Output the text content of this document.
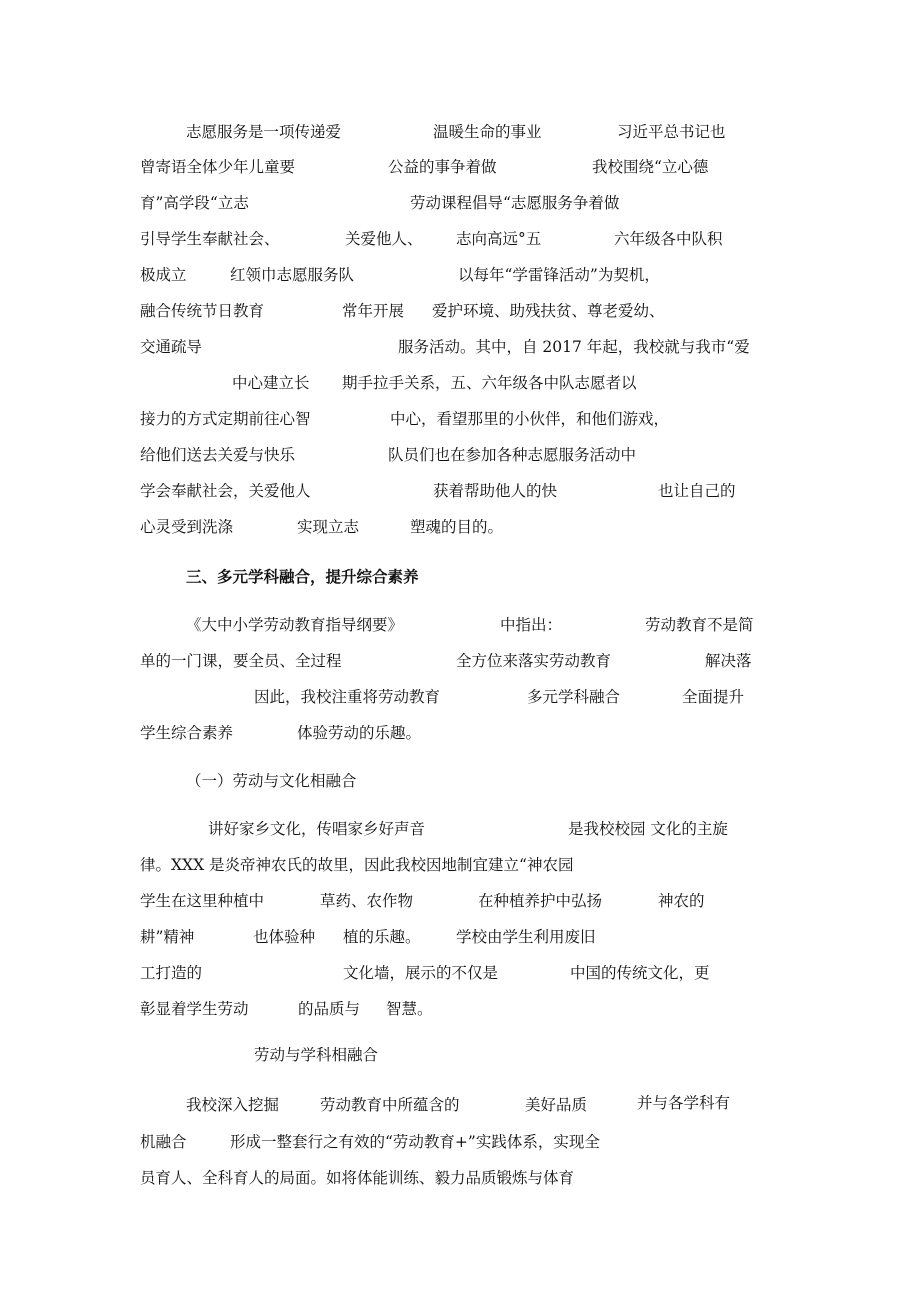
志愿服务是一项传递爱	温暖生命的事业	习近平总书记也
曾寄语全体少年儿童要	公益的事争着做	我校围绕“立心德
育”高学段“立志	劳动课程倡导“志愿服务争着做
引导学生奉献社会、	关爱他人、 志向高远°五	六年级各中队积
极成立	红领巾志愿服务队	以每年“学雷锋活动”为契机，
融合传统节日教育	常年开展 爱护环境、助残扶贫、尊老爱幼、
交通疏导	服务活动。其中，自 2017 年起，我校就与我市“爱
中心建立长 期手拉手关系，五、六年级各中队志愿者以
接力的方式定期前往心智	中心，看望那里的小伙伴，和他们游戏，
给他们送去关爱与快乐	队员们也在参加各种志愿服务活动中
学会奉献社会，关爱他人	获着帮助他人的快	也让自己的
心灵受到洗涤	实现立志	塑魂的目的。
三、多元学科融合，提升综合素养
《大中小学劳动教育指导纲要》	中指出：	劳动教育不是简
单的一门课，要全员、全过程	全方位来落实劳动教育	解决落
因此，我校注重将劳动教育	多元学科融合	全面提升
学生综合素养	体验劳动的乐趣。
（一）劳动与文化相融合
讲好家乡文化，传唱家乡好声音	是我校校园 文化的主旋
律。XXX 是炎帝神农氏的故里，因此我校因地制宜建立“神农园
学生在这里种植中	草药、农作物	在种植养护中弘扬	神农的
耕”精神	也体验种 植的乐趣。 学校由学生利用废旧
工打造的	文化墙，展示的不仅是	中国的传统文化，更
彰显着学生劳动	的品质与 智慧。
劳动与学科相融合
我校深入挖掘	劳动教育中所蕴含的	美好品质	并与各学科有
机融合	形成一整套行之有效的“劳动教育+”实践体系，实现全
员育人、全科育人的局面。如将体能训练、毅力品质锻炼与体育
